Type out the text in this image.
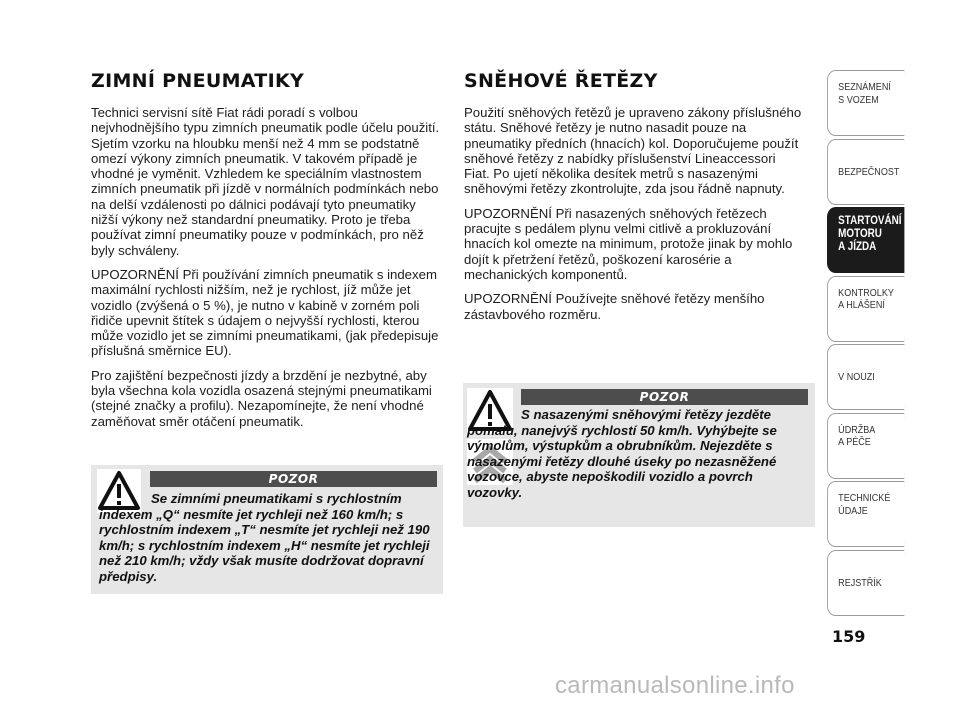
ZIMNÍ PNEUMATIKY

Technici servisní sítě Fiat rádi poradí s volbou nejvhodnějšího typu zimních pneumatik podle účelu použití. Sjetím vzorku na hloubku menší než 4 mm se podstatně omezí výkony zimních pneumatik. V takovém případě je vhodné je vyměnit. Vzhledem ke speciálním vlastnostem zimních pneumatik při jízdě v normálních podmínkách nebo na delší vzdálenosti po dálnici podávají tyto pneumatiky nižší výkony než standardní pneumatiky. Proto je třeba používat zimní pneumatiky pouze v podmínkách, pro něž byly schváleny.

UPOZORNĚNÍ Při používání zimních pneumatik s indexem maximální rychlosti nižším, než je rychlost, jíž může jet vozidlo (zvýšená o 5 %), je nutno v kabině v zorném poli řidiče upevnit štítek s údajem o nejvyšší rychlosti, kterou může vozidlo jet se zimními pneumatikami, (jak předepisuje příslušná směrnice EU).

Pro zajištění bezpečnosti jízdy a brzdění je nezbytné, aby byla všechna kola vozidla osazená stejnými pneumatikami (stejné značky a profilu). Nezapomínejte, že není vhodné zaměňovat směr otáčení pneumatik.

POZOR
Se zimními pneumatikami s rychlostním indexem „Q“ nesmíte jet rychleji než 160 km/h; s rychlostním indexem „T“ nesmíte jet rychleji než 190 km/h; s rychlostním indexem „H“ nesmíte jet rychleji než 210 km/h; vždy však musíte dodržovat dopravní předpisy.
SNĚHOVÉ ŘETĚZY

Použití sněhových řetězů je upraveno zákony příslušného státu. Sněhové řetězy je nutno nasadit pouze na pneumatiky předních (hnacích) kol. Doporučujeme použít sněhové řetězy z nabídky příslušenství Lineaccessori Fiat. Po ujetí několika desítek metrů s nasazenými sněhovými řetězy zkontrolujte, zda jsou řádně napnuty.

UPOZORNĚNÍ Při nasazených sněhových řetězech pracujte s pedálem plynu velmi citlivě a prokluzování hnacích kol omezte na minimum, protože jinak by mohlo dojít k přetržení řetězů, poškození karosérie a mechanických komponentů.

UPOZORNĚNÍ Používejte sněhové řetězy menšího zástavbového rozměru.

POZOR
S nasazenými sněhovými řetězy jezděte pomalu, nanejvýš rychlostí 50 km/h. Vyhýbejte se výmolům, výstupkům a obrubníkům. Nejezděte s nasazenými řetězy dlouhé úseky po nezasněžené vozovce, abyste nepoškodili vozidlo a povrch vozovky.
SEZNÁMENÍ
S VOZEM
BEZPEČNOST
STARTOVÁNÍ
MOTORU
A JÍZDA
KONTROLKY
A HLÁŠENÍ
V NOUZI
ÚDRŽBA
A PÉČE
TECHNICKÉ
ÚDAJE
REJSTŘÍK
159
carmanualsonline.info
